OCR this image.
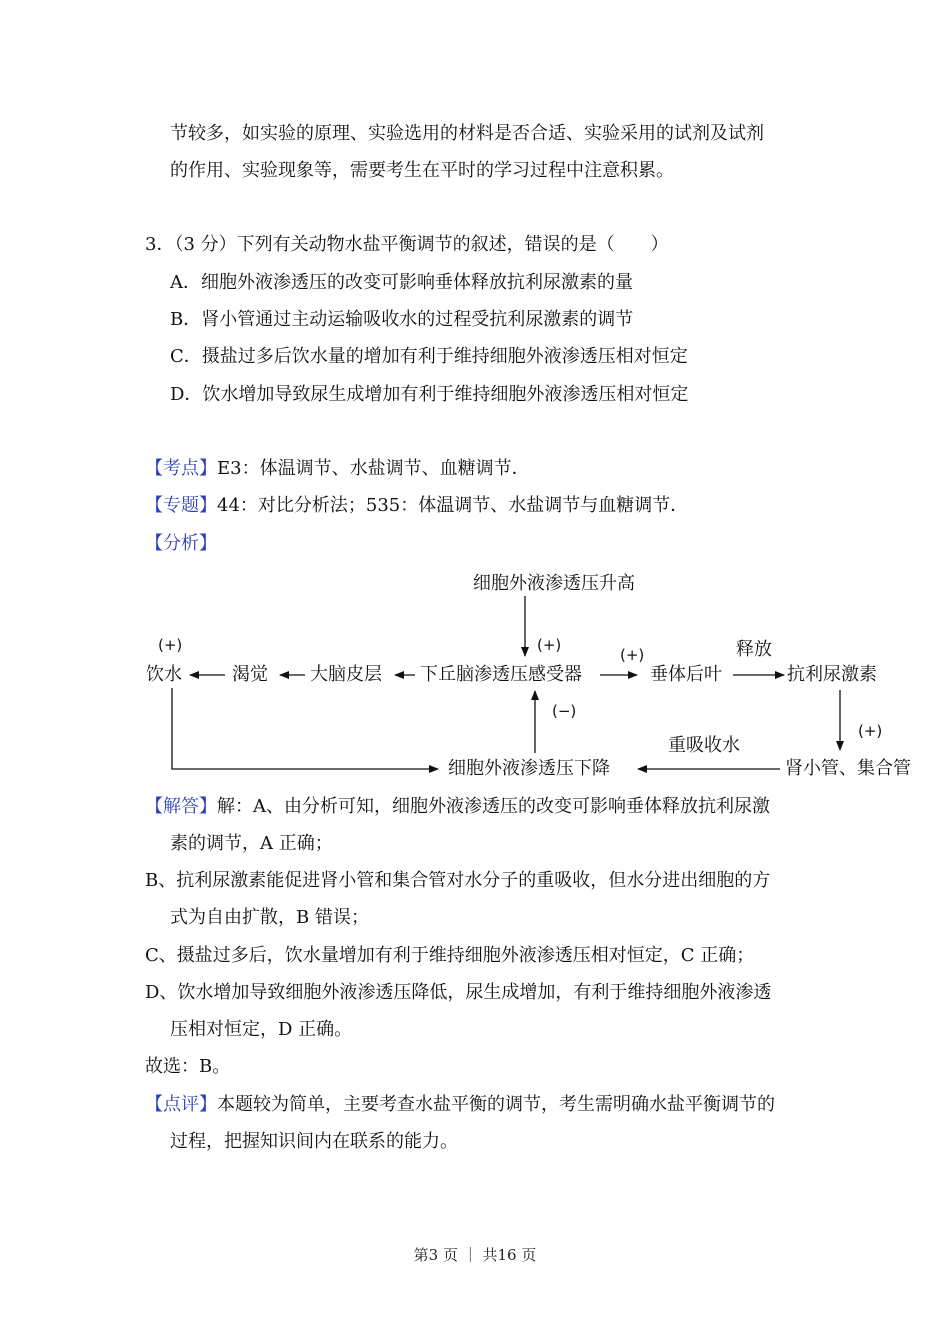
节较多，如实验的原理、实验选用的材料是否合适、实验采用的试剂及试剂
的作用、实验现象等，需要考生在平时的学习过程中注意积累。
3．（3 分）下列有关动物水盐平衡调节的叙述，错误的是（　　）
A．细胞外液渗透压的改变可影响垂体释放抗利尿激素的量
B．肾小管通过主动运输吸收水的过程受抗利尿激素的调节
C．摄盐过多后饮水量的增加有利于维持细胞外液渗透压相对恒定
D．饮水增加导致尿生成增加有利于维持细胞外液渗透压相对恒定
【考点】E3：体温调节、水盐调节、血糖调节．
【专题】44：对比分析法；535：体温调节、水盐调节与血糖调节．
【分析】
细胞外液渗透压升高
饮水	渴觉 大脑皮层 下丘脑渗透压感受器	垂体后叶	抗利尿激素
释放
肾小管、集合管
重吸收水
细胞外液渗透压下降
(+)	(+)
(+)
(+)
(−)
【解答】解：A、由分析可知，细胞外液渗透压的改变可影响垂体释放抗利尿激
素的调节，A 正确；
B、抗利尿激素能促进肾小管和集合管对水分子的重吸收，但水分进出细胞的方
式为自由扩散，B 错误；
C、摄盐过多后，饮水量增加有利于维持细胞外液渗透压相对恒定，C 正确；
D、饮水增加导致细胞外液渗透压降低，尿生成增加，有利于维持细胞外液渗透
压相对恒定，D 正确。
故选：B。
【点评】本题较为简单，主要考查水盐平衡的调节，考生需明确水盐平衡调节的
过程，把握知识间内在联系的能力。
第3 页 ｜ 共16 页
